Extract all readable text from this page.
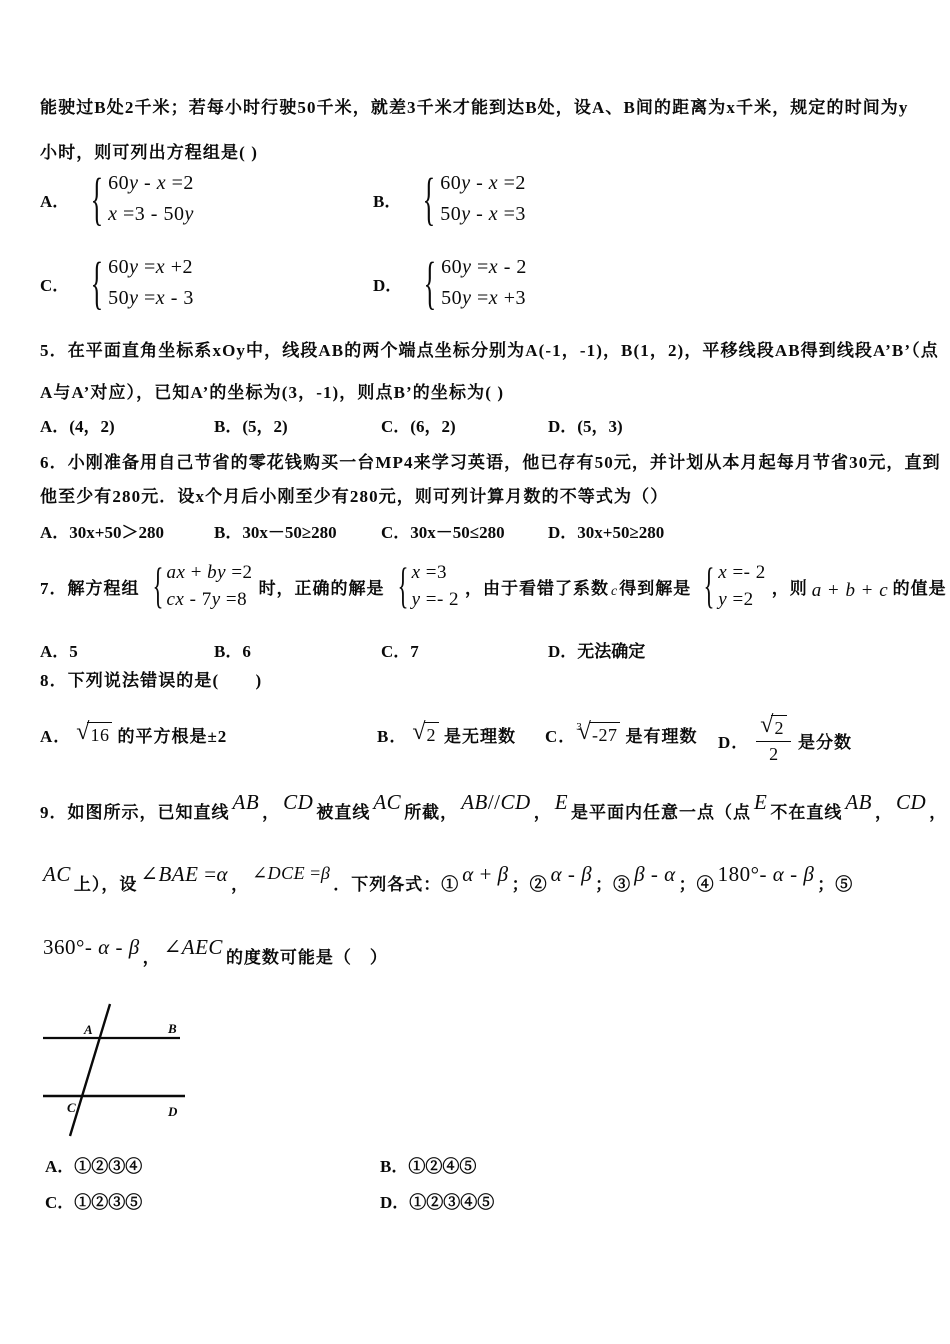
能驶过B处2千米；若每小时行驶50千米，就差3千米才能到达B处，设A、B间的距离为x千米，规定的时间为y
小时，则可列出方程组是( )
A．
{
60y - x =2
x =3 - 50y
B．
{
60y - x =2
50y - x =3
C．
{
60y =x +2
50y =x - 3
D．
{
60y =x - 2
50y =x +3
5．在平面直角坐标系xOy中，线段AB的两个端点坐标分别为A(-1，-1)，B(1，2)，平移线段AB得到线段A’B’（点
A与A’对应），已知A’的坐标为(3，-1)，则点B’的坐标为( )
A．(4，2)	B．(5，2)	C．(6，2)	D．(5，3)
6．小刚准备用自己节省的零花钱购买一台MP4来学习英语，他已存有50元，并计划从本月起每月节省30元，直到
他至少有280元．设x个月后小刚至少有280元，则可列计算月数的不等式为（）
A．30x+50＞280	B．30x－50≥280	C．30x－50≤280	D．30x+50≥280
7．解方程组
{
ax + by =2
cx - 7y =8
时，正确的解是
{
x =3
y =- 2
，由于看错了系数 c 得到解是
{
x =- 2
y =2
，则 a + b + c 的值是
A．5	B．6	C．7	D．无法确定
8．下列说法错误的是(　　)
A． √ 16 的平方根是±2	B． √ 2 是无理数 C．
3 √ -27 是有理数 D． √ $\frac{2}{2}$ 是分数
9．如图所示，已知直线 AB ， CD 被直线 AC 所截， AB//CD ， E 是平面内任意一点（点 E 不在直线 AB ， CD ，
AC 上），设 ∠BAE =α ，∠DCE =β．下列各式：① α + β ；② α - β ；③ β - α ；④ 180°- α - β ；⑤
360°- α - β ， ∠AEC 的度数可能是（　）
A	B
C	D
A．①②③④	B．①②④⑤
C．①②③⑤	D．①②③④⑤
